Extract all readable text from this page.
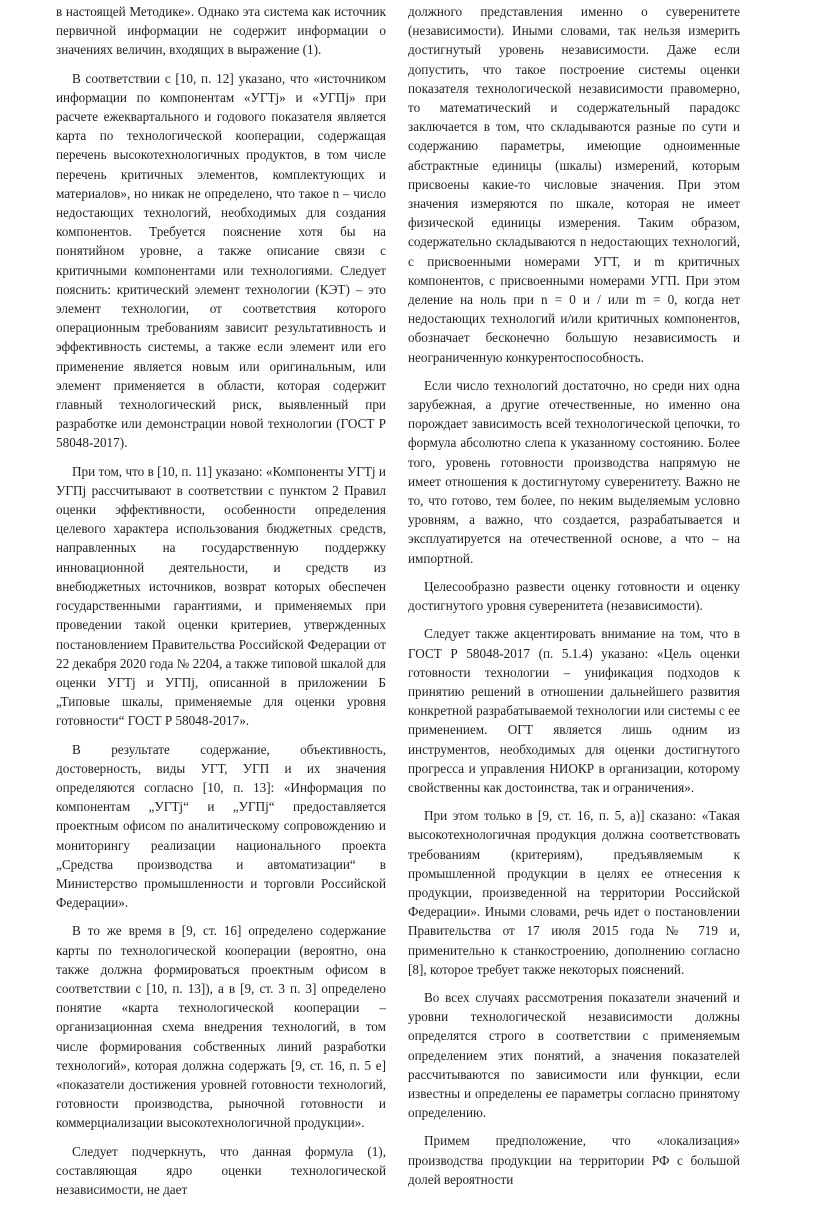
в настоящей Методике». Однако эта система как источник первичной информации не содержит информации о значениях величин, входящих в выражение (1).

В соответствии с [10, п. 12] указано, что «источником информации по компонентам «УГТj» и «УГПj» при расчете ежеквартального и годового показателя является карта по технологической кооперации, содержащая перечень высокотехнологичных продуктов, в том числе перечень критичных элементов, комплектующих и материалов», но никак не определено, что такое n – число недостающих технологий, необходимых для создания компонентов. Требуется пояснение хотя бы на понятийном уровне, а также описание связи с критичными компонентами или технологиями. Следует пояснить: критический элемент технологии (КЭТ) – это элемент технологии, от соответствия которого операционным требованиям зависит результативность и эффективность системы, а также если элемент или его применение является новым или оригинальным, или элемент применяется в области, которая содержит главный технологический риск, выявленный при разработке или демонстрации новой технологии (ГОСТ Р 58048-2017).

При том, что в [10, п. 11] указано: «Компоненты УГТj и УГПj рассчитывают в соответствии с пунктом 2 Правил оценки эффективности, особенности определения целевого характера использования бюджетных средств, направленных на государственную поддержку инновационной деятельности, и средств из внебюджетных источников, возврат которых обеспечен государственными гарантиями, и применяемых при проведении такой оценки критериев, утвержденных постановлением Правительства Российской Федерации от 22 декабря 2020 года № 2204, а также типовой шкалой для оценки УГТj и УГПj, описанной в приложении Б „Типовые шкалы, применяемые для оценки уровня готовности“ ГОСТ Р 58048-2017».

В результате содержание, объективность, достоверность, виды УГТ, УГП и их значения определяются согласно [10, п. 13]: «Информация по компонентам „УГТj“ и „УГПj“ предоставляется проектным офисом по аналитическому сопровождению и мониторингу реализации национального проекта „Средства производства и автоматизации“ в Министерство промышленности и торговли Российской Федерации».

В то же время в [9, ст. 16] определено содержание карты по технологической кооперации (вероятно, она также должна формироваться проектным офисом в соответствии с [10, п. 13]), а в [9, ст. 3 п. 3] определено понятие «карта технологической кооперации – организационная схема внедрения технологий, в том числе формирования собственных линий разработки технологий», которая должна содержать [9, ст. 16, п. 5 е] «показатели достижения уровней готовности технологий, готовности производства, рыночной готовности и коммерциализации высокотехнологичной продукции».

Следует подчеркнуть, что данная формула (1), составляющая ядро оценки технологической независимости, не дает

должного представления именно о суверенитете (независимости). Иными словами, так нельзя измерить достигнутый уровень независимости. Даже если допустить, что такое построение системы оценки показателя технологической независимости правомерно, то математический и содержательный парадокс заключается в том, что складываются разные по сути и содержанию параметры, имеющие одноименные абстрактные единицы (шкалы) измерений, которым присвоены какие-то числовые значения. При этом значения измеряются по шкале, которая не имеет физической единицы измерения. Таким образом, содержательно складываются n недостающих технологий, с присвоенными номерами УГТ, и m критичных компонентов, с присвоенными номерами УГП. При этом деление на ноль при n = 0 и / или m = 0, когда нет недостающих технологий и/или критичных компонентов, обозначает бесконечно большую независимость и неограниченную конкурентоспособность.

Если число технологий достаточно, но среди них одна зарубежная, а другие отечественные, но именно она порождает зависимость всей технологической цепочки, то формула абсолютно слепа к указанному состоянию. Более того, уровень готовности производства напрямую не имеет отношения к достигнутому суверенитету. Важно не то, что готово, тем более, по неким выделяемым условно уровням, а важно, что создается, разрабатывается и эксплуатируется на отечественной основе, а что – на импортной.

Целесообразно развести оценку готовности и оценку достигнутого уровня суверенитета (независимости).

Следует также акцентировать внимание на том, что в ГОСТ Р 58048-2017 (п. 5.1.4) указано: «Цель оценки готовности технологии – унификация подходов к принятию решений в отношении дальнейшего развития конкретной разрабатываемой технологии или системы с ее применением. ОГТ является лишь одним из инструментов, необходимых для оценки достигнутого прогресса и управления НИОКР в организации, которому свойственны как достоинства, так и ограничения».

При этом только в [9, ст. 16, п. 5, а)] сказано: «Такая высокотехнологичная продукция должна соответствовать требованиям (критериям), предъявляемым к промышленной продукции в целях ее отнесения к продукции, произведенной на территории Российской Федерации». Иными словами, речь идет о постановлении Правительства от 17 июля 2015 года № 719 и, применительно к станкостроению, дополнению согласно [8], которое требует также некоторых пояснений.

Во всех случаях рассмотрения показатели значений и уровни технологической независимости должны определятся строго в соответствии с применяемым определением этих понятий, а значения показателей рассчитываются по зависимости или функции, если известны и определены ее параметры согласно принятому определению.

Примем предположение, что «локализация» производства продукции на территории РФ с большой долей вероятности
